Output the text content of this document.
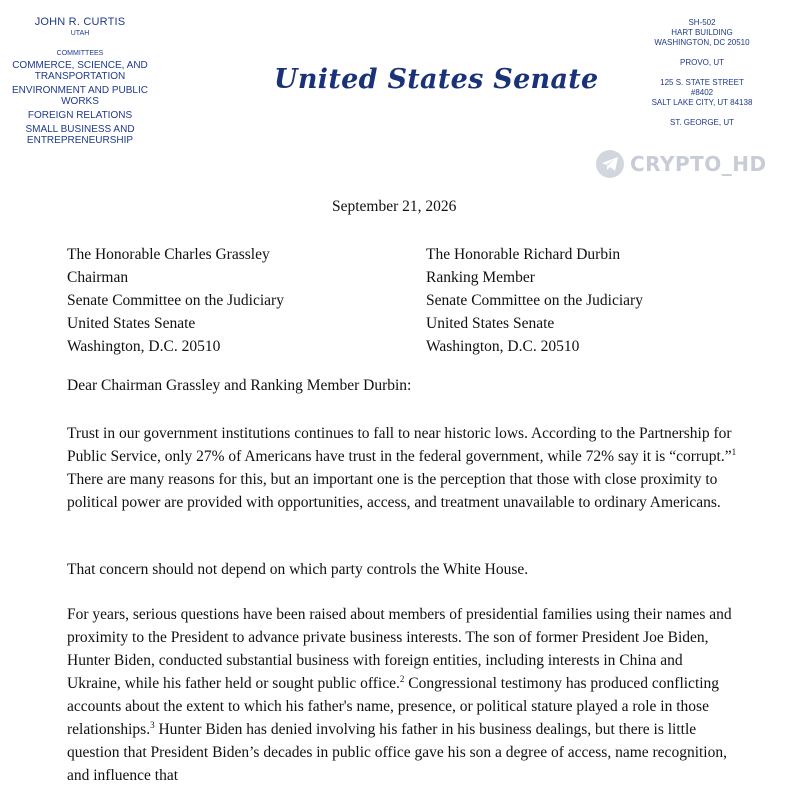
JOHN R. CURTIS
UTAH
COMMITTEES
COMMERCE, SCIENCE, AND TRANSPORTATION
ENVIRONMENT AND PUBLIC WORKS
FOREIGN RELATIONS
SMALL BUSINESS AND ENTREPRENEURSHIP
United States Senate
SH-502
HART BUILDING
WASHINGTON, DC 20510
PROVO, UT
125 S. STATE STREET
#8402
SALT LAKE CITY, UT 84138
ST. GEORGE, UT
CRYPTO_HD
September 21, 2026
The Honorable Charles Grassley
Chairman
Senate Committee on the Judiciary
United States Senate
Washington, D.C. 20510
The Honorable Richard Durbin
Ranking Member
Senate Committee on the Judiciary
United States Senate
Washington, D.C. 20510
Dear Chairman Grassley and Ranking Member Durbin:
Trust in our government institutions continues to fall to near historic lows. According to the Partnership for Public Service, only 27% of Americans have trust in the federal government, while 72% say it is “corrupt.”$^1$ There are many reasons for this, but an important one is the perception that those with close proximity to political power are provided with opportunities, access, and treatment unavailable to ordinary Americans.
That concern should not depend on which party controls the White House.
For years, serious questions have been raised about members of presidential families using their names and proximity to the President to advance private business interests. The son of former President Joe Biden, Hunter Biden, conducted substantial business with foreign entities, including interests in China and Ukraine, while his father held or sought public office.$^2$ Congressional testimony has produced conflicting accounts about the extent to which his father's name, presence, or political stature played a role in those relationships.$^3$ Hunter Biden has denied involving his father in his business dealings, but there is little question that President Biden’s decades in public office gave his son a degree of access, name recognition, and influence that
